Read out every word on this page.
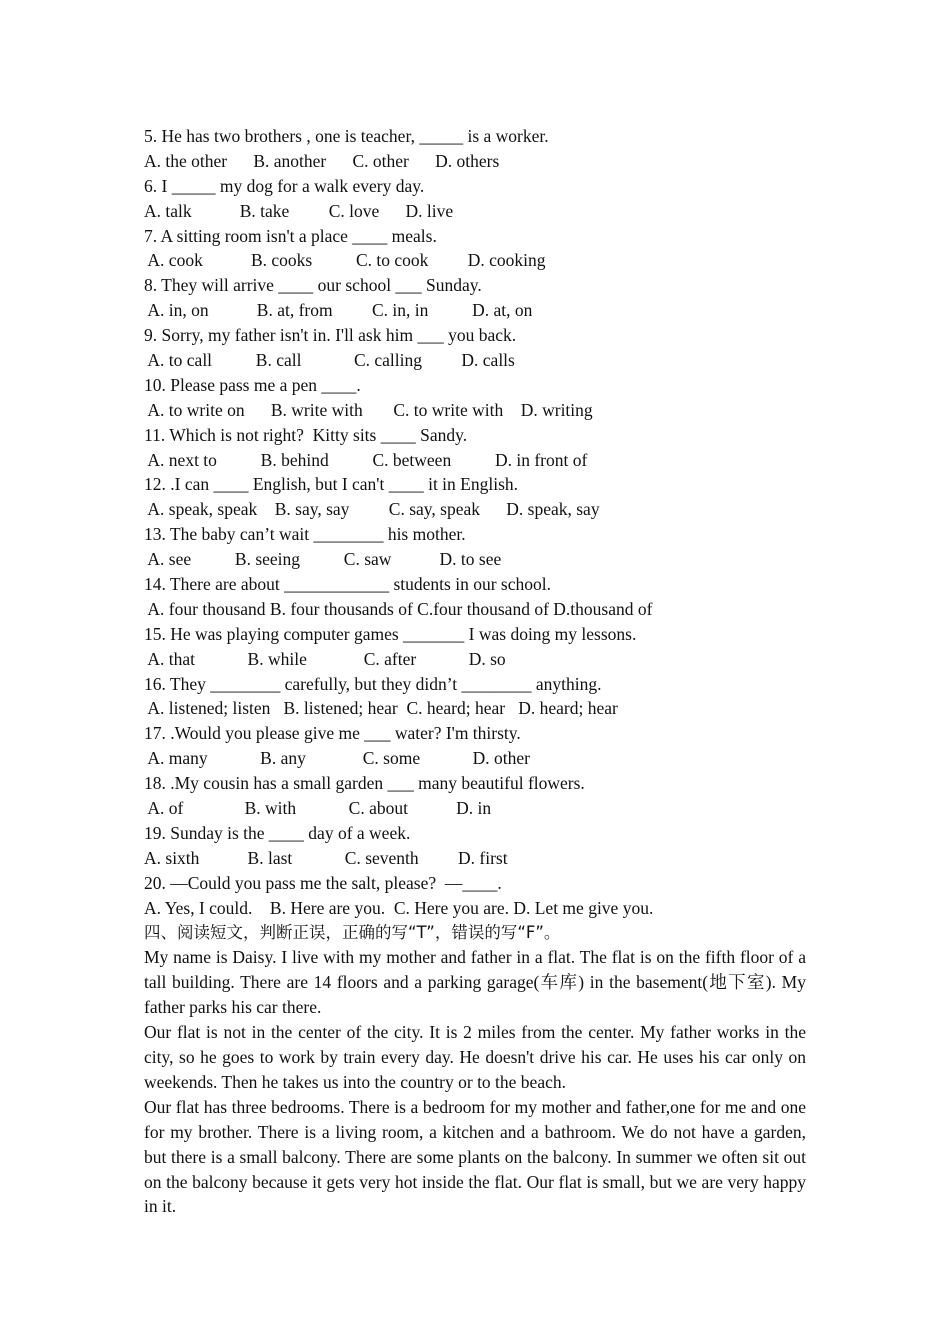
5. He has two brothers , one is teacher, _____ is a worker.
A. the other      B. another      C. other      D. others
6. I _____ my dog for a walk every day.
A. talk           B. take         C. love      D. live
7. A sitting room isn't a place ____ meals.
A. cook           B. cooks          C. to cook         D. cooking
8. They will arrive ____ our school ___ Sunday.
A. in, on           B. at, from         C. in, in          D. at, on
9. Sorry, my father isn't in. I'll ask him ___ you back.
A. to call          B. call            C. calling         D. calls
10. Please pass me a pen ____.
A. to write on      B. write with       C. to write with    D. writing
11. Which is not right?  Kitty sits ____ Sandy.
A. next to          B. behind          C. between          D. in front of
12. .I can ____ English, but I can't ____ it in English.
A. speak, speak    B. say, say         C. say, speak      D. speak, say
13. The baby can’t wait ________ his mother.
A. see          B. seeing          C. saw           D. to see
14. There are about ____________ students in our school.
A. four thousand B. four thousands of C.four thousand of D.thousand of
15. He was playing computer games _______ I was doing my lessons.
A. that            B. while             C. after            D. so
16. They ________ carefully, but they didn’t ________ anything.
A. listened; listen   B. listened; hear  C. heard; hear   D. heard; hear
17. .Would you please give me ___ water? I'm thirsty.
A. many            B. any             C. some            D. other
18. .My cousin has a small garden ___ many beautiful flowers.
A. of              B. with            C. about           D. in
19. Sunday is the ____ day of a week.
A. sixth           B. last            C. seventh         D. first
20. —Could you pass me the salt, please?  —____.
A. Yes, I could.    B. Here are you.  C. Here you are. D. Let me give you.
四、阅读短文，判断正误，正确的写“T”，错误的写“F”。
My name is Daisy. I live with my mother and father in a flat. The flat is on the fifth floor of a tall building. There are 14 floors and a parking garage(车库) in the basement(地下室). My father parks his car there.
Our flat is not in the center of the city. It is 2 miles from the center. My father works in the city, so he goes to work by train every day. He doesn't drive his car. He uses his car only on weekends. Then he takes us into the country or to the beach.
Our flat has three bedrooms. There is a bedroom for my mother and father,one for me and one for my brother. There is a living room, a kitchen and a bathroom. We do not have a garden, but there is a small balcony. There are some plants on the balcony. In summer we often sit out on the balcony because it gets very hot inside the flat. Our flat is small, but we are very happy in it.
